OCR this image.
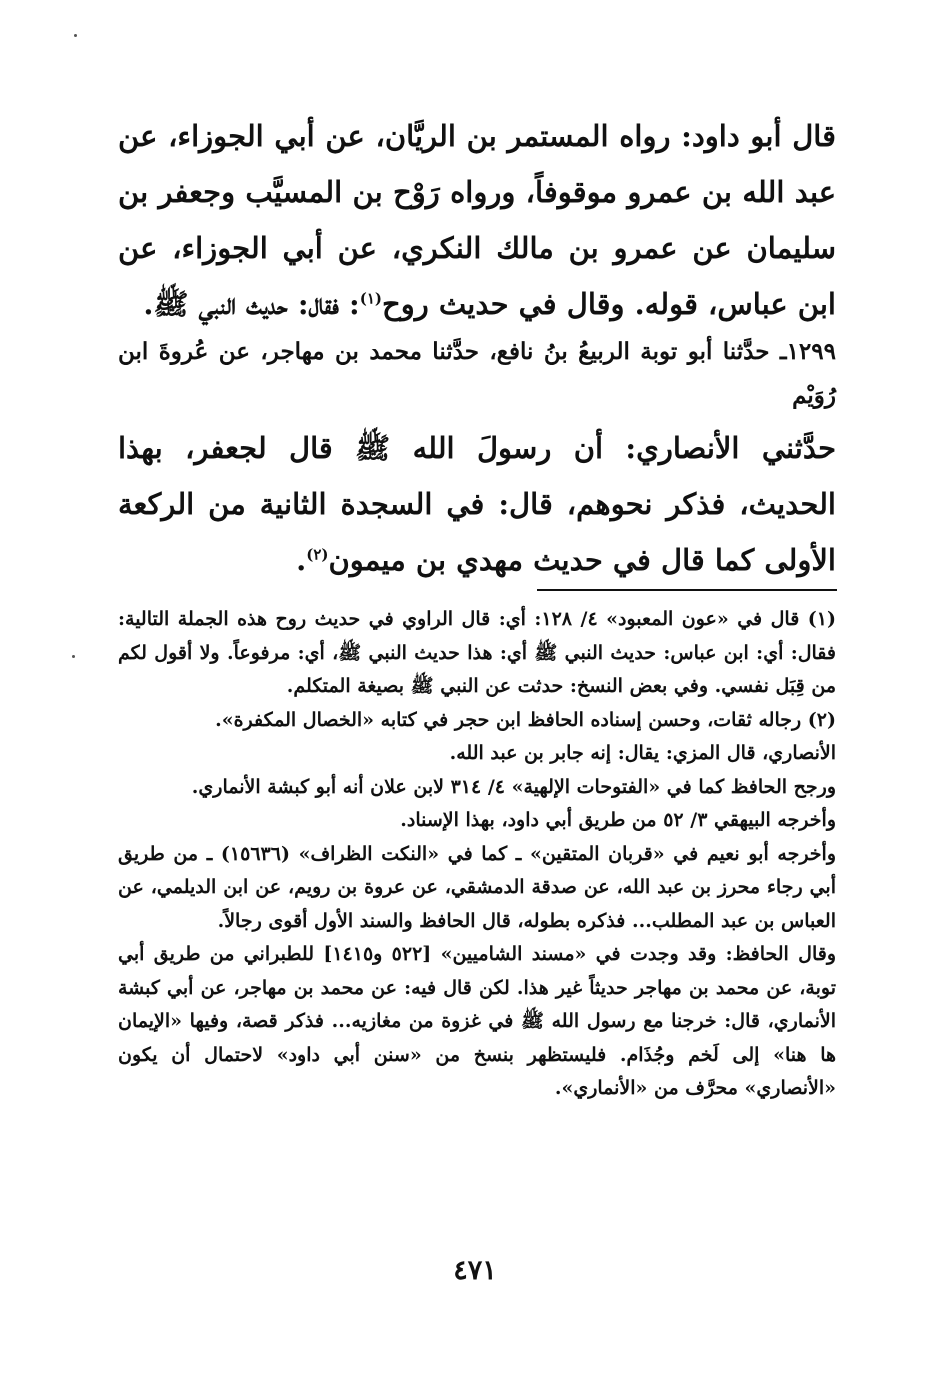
قال أبو داود: رواه المستمر بن الريَّان، عن أبي الجوزاء، عن عبد الله بن عمرو موقوفاً، ورواه رَوْح بن المسيَّب وجعفر بن سليمان عن عمرو بن مالك النكري، عن أبي الجوزاء، عن ابن عباس، قوله. وقال في حديث روح$^{(١)}$: فقال: حديث النبي ﷺ.

١٢٩٩ـ حدَّثنا أبو توبة الربيعُ بنُ نافع، حدَّثنا محمد بن مهاجر، عن عُروةَ ابن رُوَيْم

حدَّثني الأنصاري: أن رسولَ الله ﷺ قال لجعفر، بهذا الحديث، فذكر نحوهم، قال: في السجدة الثانية من الركعة الأولى كما قال في حديث مهدي بن ميمون$^{(٢)}$.

(١) قال في «عون المعبود» ٤/ ١٢٨: أي: قال الراوي في حديث روح هذه الجملة التالية: فقال: أي: ابن عباس: حديث النبي ﷺ أي: هذا حديث النبي ﷺ، أي: مرفوعاً. ولا أقول لكم من قِبَل نفسي. وفي بعض النسخ: حدثت عن النبي ﷺ بصيغة المتكلم.

(٢) رجاله ثقات، وحسن إسناده الحافظ ابن حجر في كتابه «الخصال المكفرة».

الأنصاري، قال المزي: يقال: إنه جابر بن عبد الله.

ورجح الحافظ كما في «الفتوحات الإلهية» ٤/ ٣١٤ لابن علان أنه أبو كبشة الأنماري.

وأخرجه البيهقي ٣/ ٥٢ من طريق أبي داود، بهذا الإسناد.

وأخرجه أبو نعيم في «قربان المتقين» ـ كما في «النكت الظراف» (١٥٦٣٦) ـ من طريق أبي رجاء محرز بن عبد الله، عن صدقة الدمشقي، عن عروة بن رويم، عن ابن الديلمي، عن العباس بن عبد المطلب... فذكره بطوله، قال الحافظ والسند الأول أقوى رجالاً.

وقال الحافظ: وقد وجدت في «مسند الشاميين» [٥٢٢ و١٤١٥] للطبراني من طريق أبي توبة، عن محمد بن مهاجر حديثاً غير هذا. لكن قال فيه: عن محمد بن مهاجر، عن أبي كبشة الأنماري، قال: خرجنا مع رسول الله ﷺ في غزوة من مغازيه... فذكر قصة، وفيها «الإيمان ها هنا» إلى لَخم وجُذَام. فليستظهر بنسخ من «سنن أبي داود» لاحتمال أن يكون «الأنصاري» محرَّف من «الأنماري».

٤٧١
